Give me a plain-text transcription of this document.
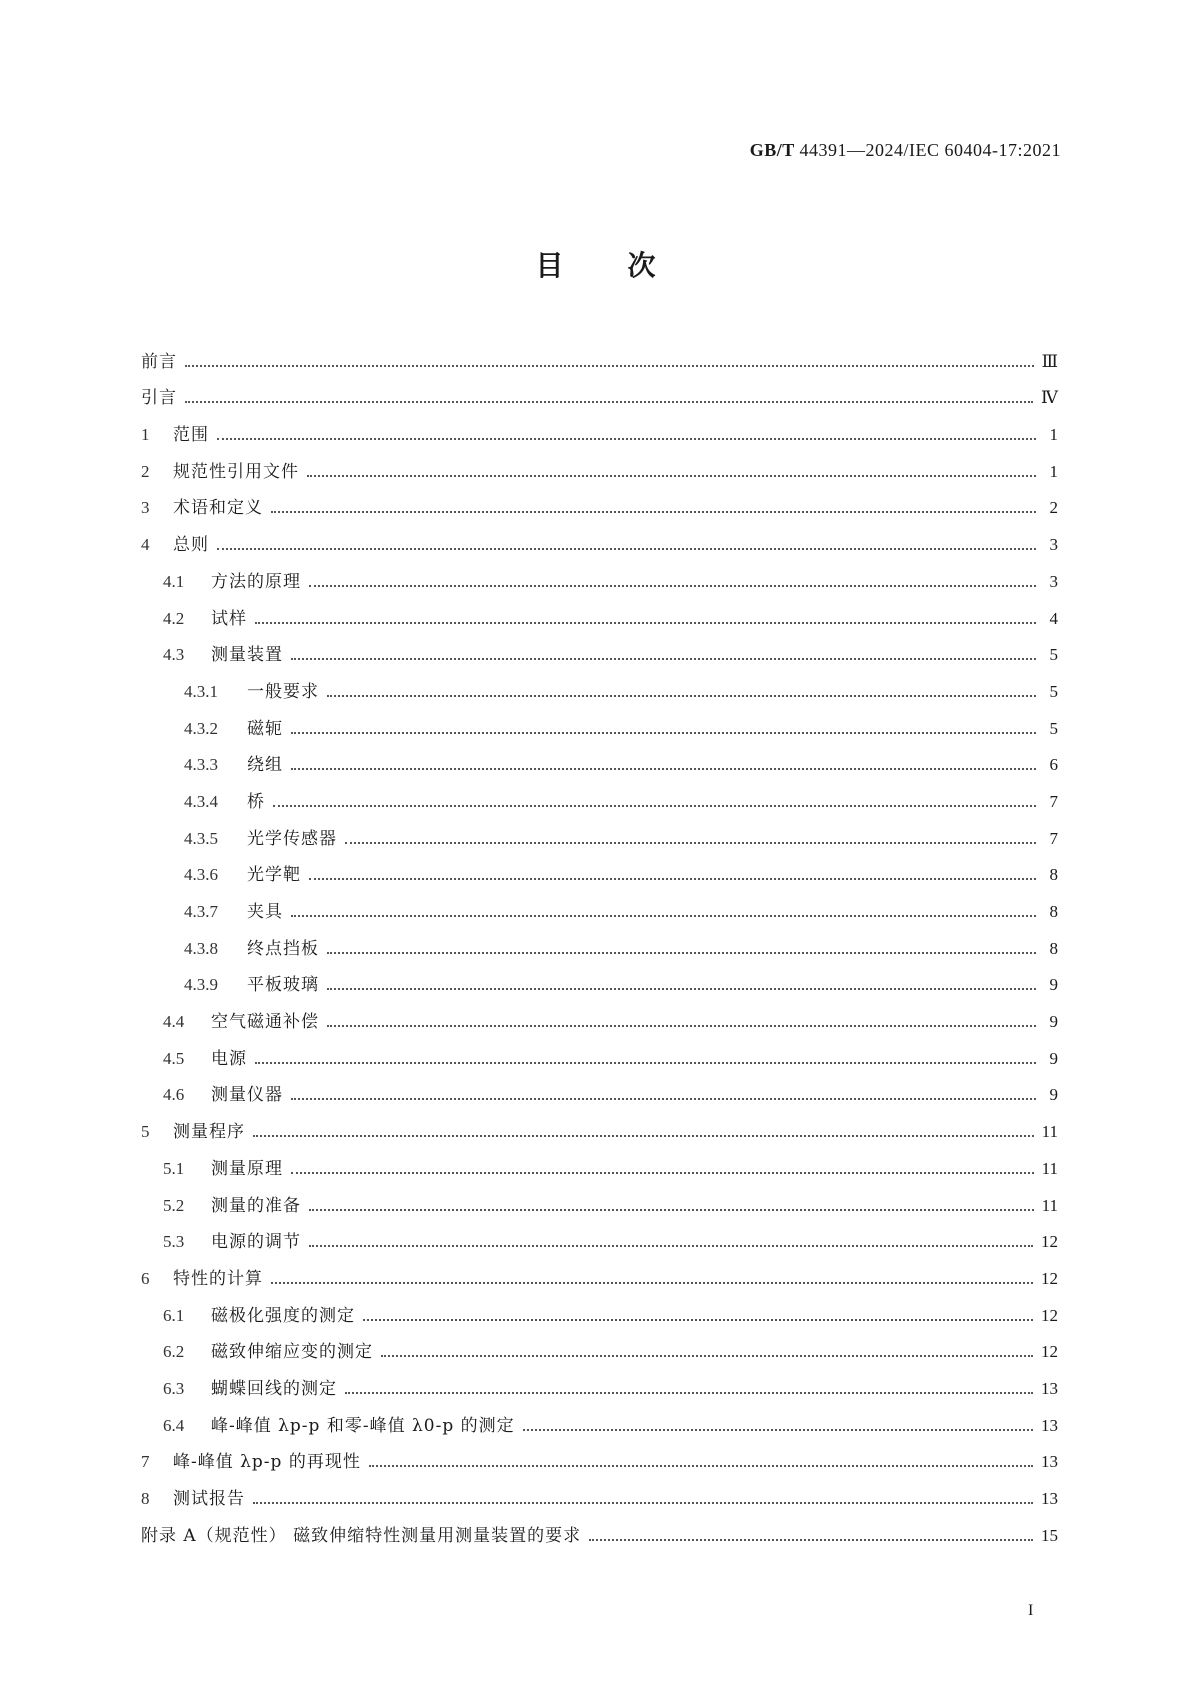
GB/T 44391—2024/IEC 60404-17:2021
目次
前言	Ⅲ
引言	Ⅳ
1	范围	1
2	规范性引用文件	1
3	术语和定义	2
4	总则	3
4.1	方法的原理	3
4.2	试样	4
4.3	测量装置	5
4.3.1	一般要求	5
4.3.2	磁轭	5
4.3.3	绕组	6
4.3.4	桥	7
4.3.5	光学传感器	7
4.3.6	光学靶	8
4.3.7	夹具	8
4.3.8	终点挡板	8
4.3.9	平板玻璃	9
4.4	空气磁通补偿	9
4.5	电源	9
4.6	测量仪器	9
5	测量程序	11
5.1	测量原理	11
5.2	测量的准备	11
5.3	电源的调节	12
6	特性的计算	12
6.1	磁极化强度的测定	12
6.2	磁致伸缩应变的测定	12
6.3	蝴蝶回线的测定	13
6.4	峰-峰值 λp-p 和零-峰值 λ0-p 的测定	13
7	峰-峰值 λp-p 的再现性	13
8	测试报告	13
附录 A（规范性） 磁致伸缩特性测量用测量装置的要求	15
I
